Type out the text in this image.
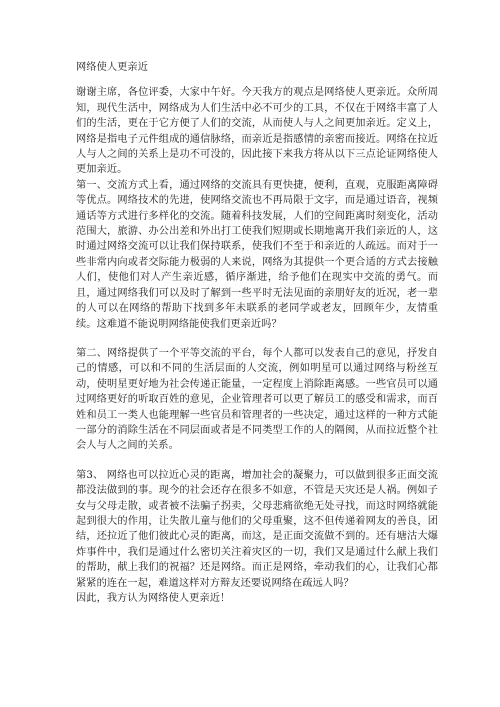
网络使人更亲近

谢谢主席，各位评委，大家中午好。今天我方的观点是网络使人更亲近。众所周知，现代生活中，网络成为人们生活中必不可少的工具，不仅在于网络丰富了人们的生活，更在于它方便了人们的交流，从而使人与人之间更加亲近。定义上，网络是指电子元件组成的通信脉络，而亲近是指感情的亲密而接近。网络在拉近人与人之间的关系上是功不可没的，因此接下来我方将从以下三点论证网络使人更加亲近。

第一、交流方式上看，通过网络的交流具有更快捷，便利，直观，克服距离障碍等优点。网络技术的先进，使网络交流也不再局限于文字，而是通过语音，视频通话等方式进行多样化的交流。随着科技发展，人们的空间距离时刻变化，活动范围大，旅游、办公出差和外出打工使我们短期或长期地离开我们亲近的人，这时通过网络交流可以让我们保持联系，使我们不至于和亲近的人疏远。而对于一些非常内向或者交际能力极弱的人来说，网络为其提供一个更合适的方式去接触人们，使他们对人产生亲近感，循序渐进，给予他们在现实中交流的勇气。而且，通过网络我们可以及时了解到一些平时无法见面的亲朋好友的近况，老一辈的人可以在网络的帮助下找到多年未联系的老同学或老友，回顾年少，友情重续。这难道不能说明网络能使我们更亲近吗？

第二、网络提供了一个平等交流的平台，每个人都可以发表自己的意见，抒发自己的情感，可以和不同的生活层面的人交流，例如明星可以通过网络与粉丝互动，使明星更好地为社会传递正能量，一定程度上消除距离感。一些官员可以通过网络更好的听取百姓的意见，企业管理者可以更了解员工的感受和需求，而百姓和员工一类人也能理解一些官员和管理者的一些决定，通过这样的一种方式能一部分的消除生活在不同层面或者是不同类型工作的人的隔阂，从而拉近整个社会人与人之间的关系。

第3、 网络也可以拉近心灵的距离，增加社会的凝聚力，可以做到很多正面交流都没法做到的事。现今的社会还存在很多不如意，不管是天灾还是人祸。例如子女与父母走散，或者被不法骗子拐卖，父母悲痛欲绝无处寻找，而这时网络就能起到很大的作用，让失散儿童与他们的父母重聚，这不但传递着网友的善良，团结，还拉近了他们彼此心灵的距离，而这，是正面交流做不到的。还有塘沽大爆炸事件中，我们是通过什么密切关注着灾区的一切，我们又是通过什么献上我们的帮助，献上我们的祝福？还是网络。而正是网络，牵动我们的心，让我们心都紧紧的连在一起，难道这样对方辩友还要说网络在疏远人吗？

因此，我方认为网络使人更亲近！
